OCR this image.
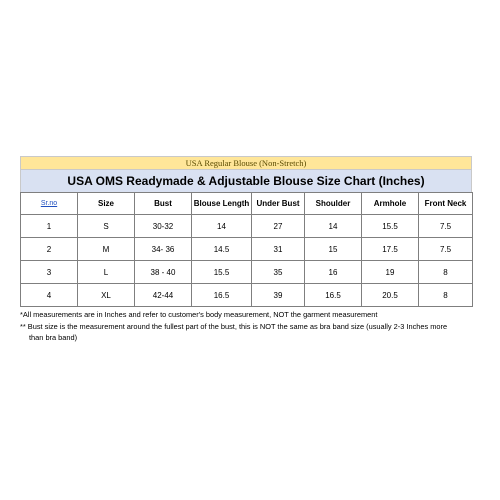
USA Regular Blouse (Non-Stretch)
USA OMS Readymade & Adjustable Blouse Size Chart (Inches)
Sr.no	Size	Bust	Blouse Length	Under Bust	Shoulder	Armhole	Front Neck
1	S	30-32	14	27	14	15.5	7.5
2	M	34- 36	14.5	31	15	17.5	7.5
3	L	38 - 40	15.5	35	16	19	8
4	XL	42-44	16.5	39	16.5	20.5	8
*All measurements are in Inches and refer to customer's body measurement, NOT the garment measurement
** Bust size is the measurement around the fullest part of the bust, this is NOT the same as bra band size (usually 2-3 Inches more
than bra band)
